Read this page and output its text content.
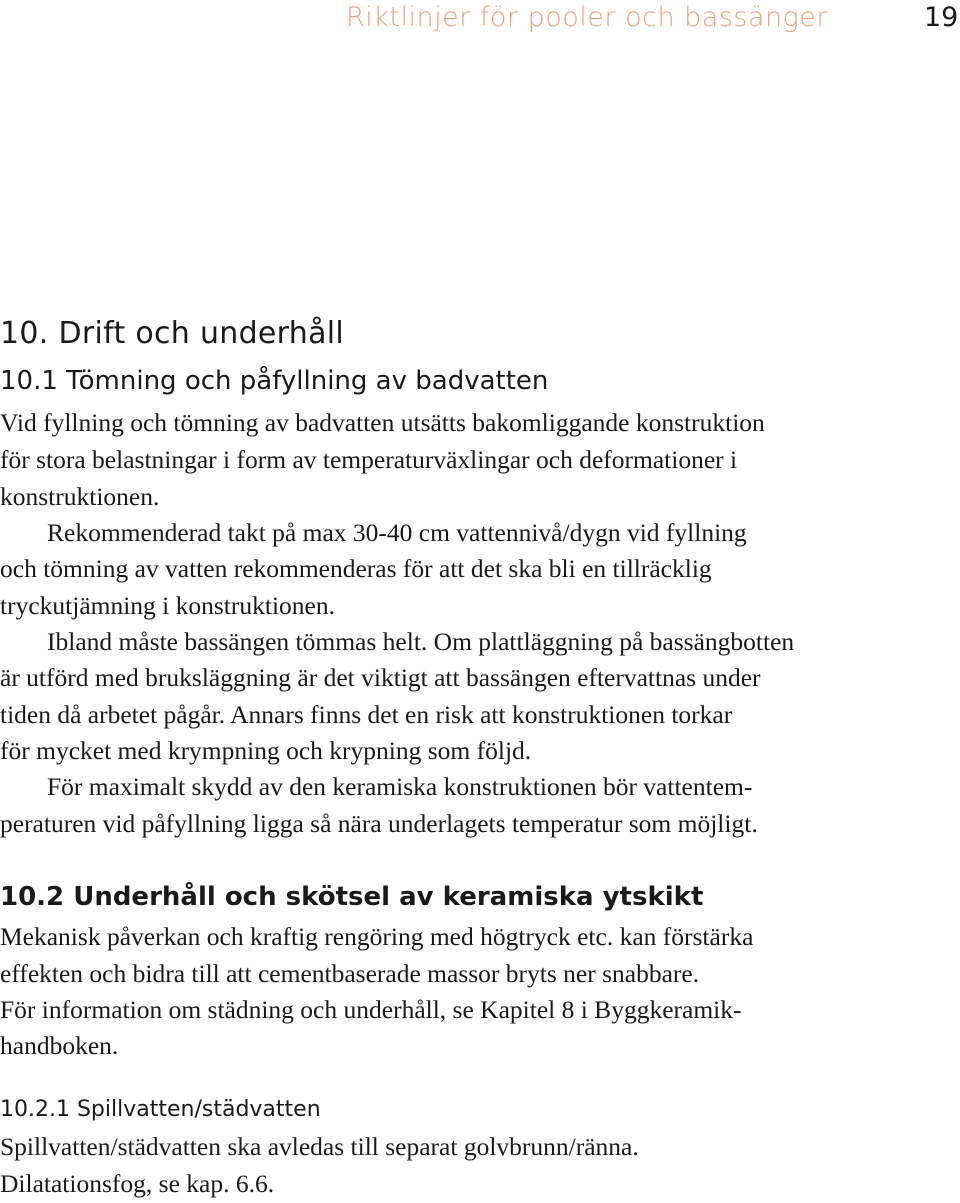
Riktlinjer för pooler och bassänger	19
10. Drift och underhåll
10.1 Tömning och påfyllning av badvatten
Vid fyllning och tömning av badvatten utsätts bakomliggande konstruktion
för stora belastningar i form av temperaturväxlingar och deformationer i
konstruktionen.
Rekommenderad takt på max 30-40 cm vattennivå/dygn vid fyllning
och tömning av vatten rekommenderas för att det ska bli en tillräcklig
tryckutjämning i konstruktionen.
Ibland måste bassängen tömmas helt. Om plattläggning på bassängbotten
är utförd med bruksläggning är det viktigt att bassängen eftervattnas under
tiden då arbetet pågår. Annars finns det en risk att konstruktionen torkar
för mycket med krympning och krypning som följd.
För maximalt skydd av den keramiska konstruktionen bör vattentem-
peraturen vid påfyllning ligga så nära underlagets temperatur som möjligt.
10.2 Underhåll och skötsel av keramiska ytskikt
Mekanisk påverkan och kraftig rengöring med högtryck etc. kan förstärka
effekten och bidra till att cementbaserade massor bryts ner snabbare.
För information om städning och underhåll, se Kapitel 8 i Byggkeramik-
handboken.
10.2.1 Spillvatten/städvatten
Spillvatten/städvatten ska avledas till separat golvbrunn/ränna.
Dilatationsfog, se kap. 6.6.
